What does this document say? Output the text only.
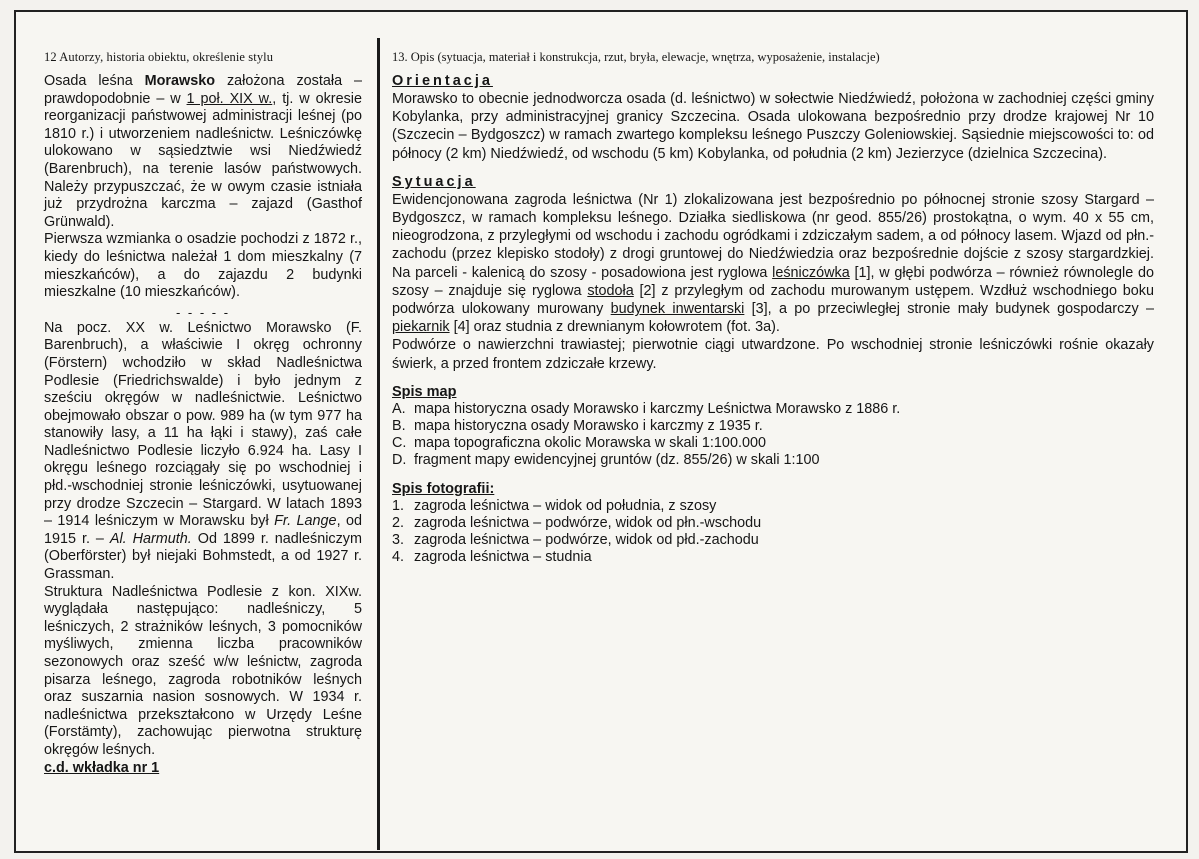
12 Autorzy, historia obiektu, określenie stylu
Osada leśna Morawsko założona została – prawdopodobnie – w 1 poł. XIX w., tj. w okresie reorganizacji państwowej administracji leśnej (po 1810 r.) i utworzeniem nadleśnictw. Leśniczówkę ulokowano w sąsiedztwie wsi Niedźwiedź (Barenbruch), na terenie lasów państwowych. Należy przypuszczać, że w owym czasie istniała już przydrożna karczma – zajazd (Gasthof Grünwald).
Pierwsza wzmianka o osadzie pochodzi z 1872 r., kiedy do leśnictwa należał 1 dom mieszkalny (7 mieszkańców), a do zajazdu 2 budynki mieszkalne (10 mieszkańców).
- - - - -
Na pocz. XX w. Leśnictwo Morawsko (F. Barenbruch), a właściwie I okręg ochronny (Förstern) wchodziło w skład Nadleśnictwa Podlesie (Friedrichswalde) i było jednym z sześciu okręgów w nadleśnictwie. Leśnictwo obejmowało obszar o pow. 989 ha (w tym 977 ha stanowiły lasy, a 11 ha łąki i stawy), zaś całe Nadleśnictwo Podlesie liczyło 6.924 ha. Lasy I okręgu leśnego rozciągały się po wschodniej i płd.-wschodniej stronie leśniczówki, usytuowanej przy drodze Szczecin – Stargard. W latach 1893 – 1914 leśniczym w Morawsku był Fr. Lange, od 1915 r. – Al. Harmuth. Od 1899 r. nadleśniczym (Oberförster) był niejaki Bohmstedt, a od 1927 r. Grassman.
Struktura Nadleśnictwa Podlesie z kon. XIXw. wyglądała następująco: nadleśniczy, 5 leśniczych, 2 strażników leśnych, 3 pomocników myśliwych, zmienna liczba pracowników sezonowych oraz sześć w/w leśnictw, zagroda pisarza leśnego, zagroda robotników leśnych oraz suszarnia nasion sosnowych. W 1934 r. nadleśnictwa przekształcono w Urzędy Leśne (Forstämty), zachowując pierwotna strukturę okręgów leśnych.
c.d. wkładka nr 1
13. Opis (sytuacja, materiał i konstrukcja, rzut, bryła, elewacje, wnętrza, wyposażenie, instalacje)
Orientacja
Morawsko to obecnie jednodworcza osada (d. leśnictwo) w sołectwie Niedźwiedź, położona w zachodniej części gminy Kobylanka, przy administracyjnej granicy Szczecina. Osada ulokowana bezpośrednio przy drodze krajowej Nr 10 (Szczecin – Bydgoszcz) w ramach zwartego kompleksu leśnego Puszczy Goleniowskiej. Sąsiednie miejscowości to: od północy (2 km) Niedźwiedź, od wschodu (5 km) Kobylanka, od południa (2 km) Jezierzyce (dzielnica Szczecina).
Sytuacja
Ewidencjonowana zagroda leśnictwa (Nr 1) zlokalizowana jest bezpośrednio po północnej stronie szosy Stargard – Bydgoszcz, w ramach kompleksu leśnego. Działka siedliskowa (nr geod. 855/26) prostokątna, o wym. 40 x 55 cm, nieogrodzona, z przyległymi od wschodu i zachodu ogródkami i zdziczałym sadem, a od północy lasem. Wjazd od płn.-zachodu (przez klepisko stodoły) z drogi gruntowej do Niedźwiedzia oraz bezpośrednie dojście z szosy stargardzkiej. Na parceli - kalenicą do szosy - posadowiona jest ryglowa leśniczówka [1], w głębi podwórza – również równolegle do szosy – znajduje się ryglowa stodoła [2] z przyległym od zachodu murowanym ustępem. Wzdłuż wschodniego boku podwórza ulokowany murowany budynek inwentarski [3], a po przeciwległej stronie mały budynek gospodarczy – piekarnik [4] oraz studnia z drewnianym kołowrotem (fot. 3a).
Podwórze o nawierzchni trawiastej; pierwotnie ciągi utwardzone. Po wschodniej stronie leśniczówki rośnie okazały świerk, a przed frontem zdziczałe krzewy.
Spis map
A. mapa historyczna osady Morawsko i karczmy Leśnictwa Morawsko z 1886 r.
B. mapa historyczna osady Morawsko i karczmy z 1935 r.
C. mapa topograficzna okolic Morawska w skali 1:100.000
D. fragment mapy ewidencyjnej gruntów (dz. 855/26) w skali 1:100
Spis fotografii:
1. zagroda leśnictwa – widok od południa, z szosy
2. zagroda leśnictwa – podwórze, widok od płn.-wschodu
3. zagroda leśnictwa – podwórze, widok od płd.-zachodu
4. zagroda leśnictwa – studnia
